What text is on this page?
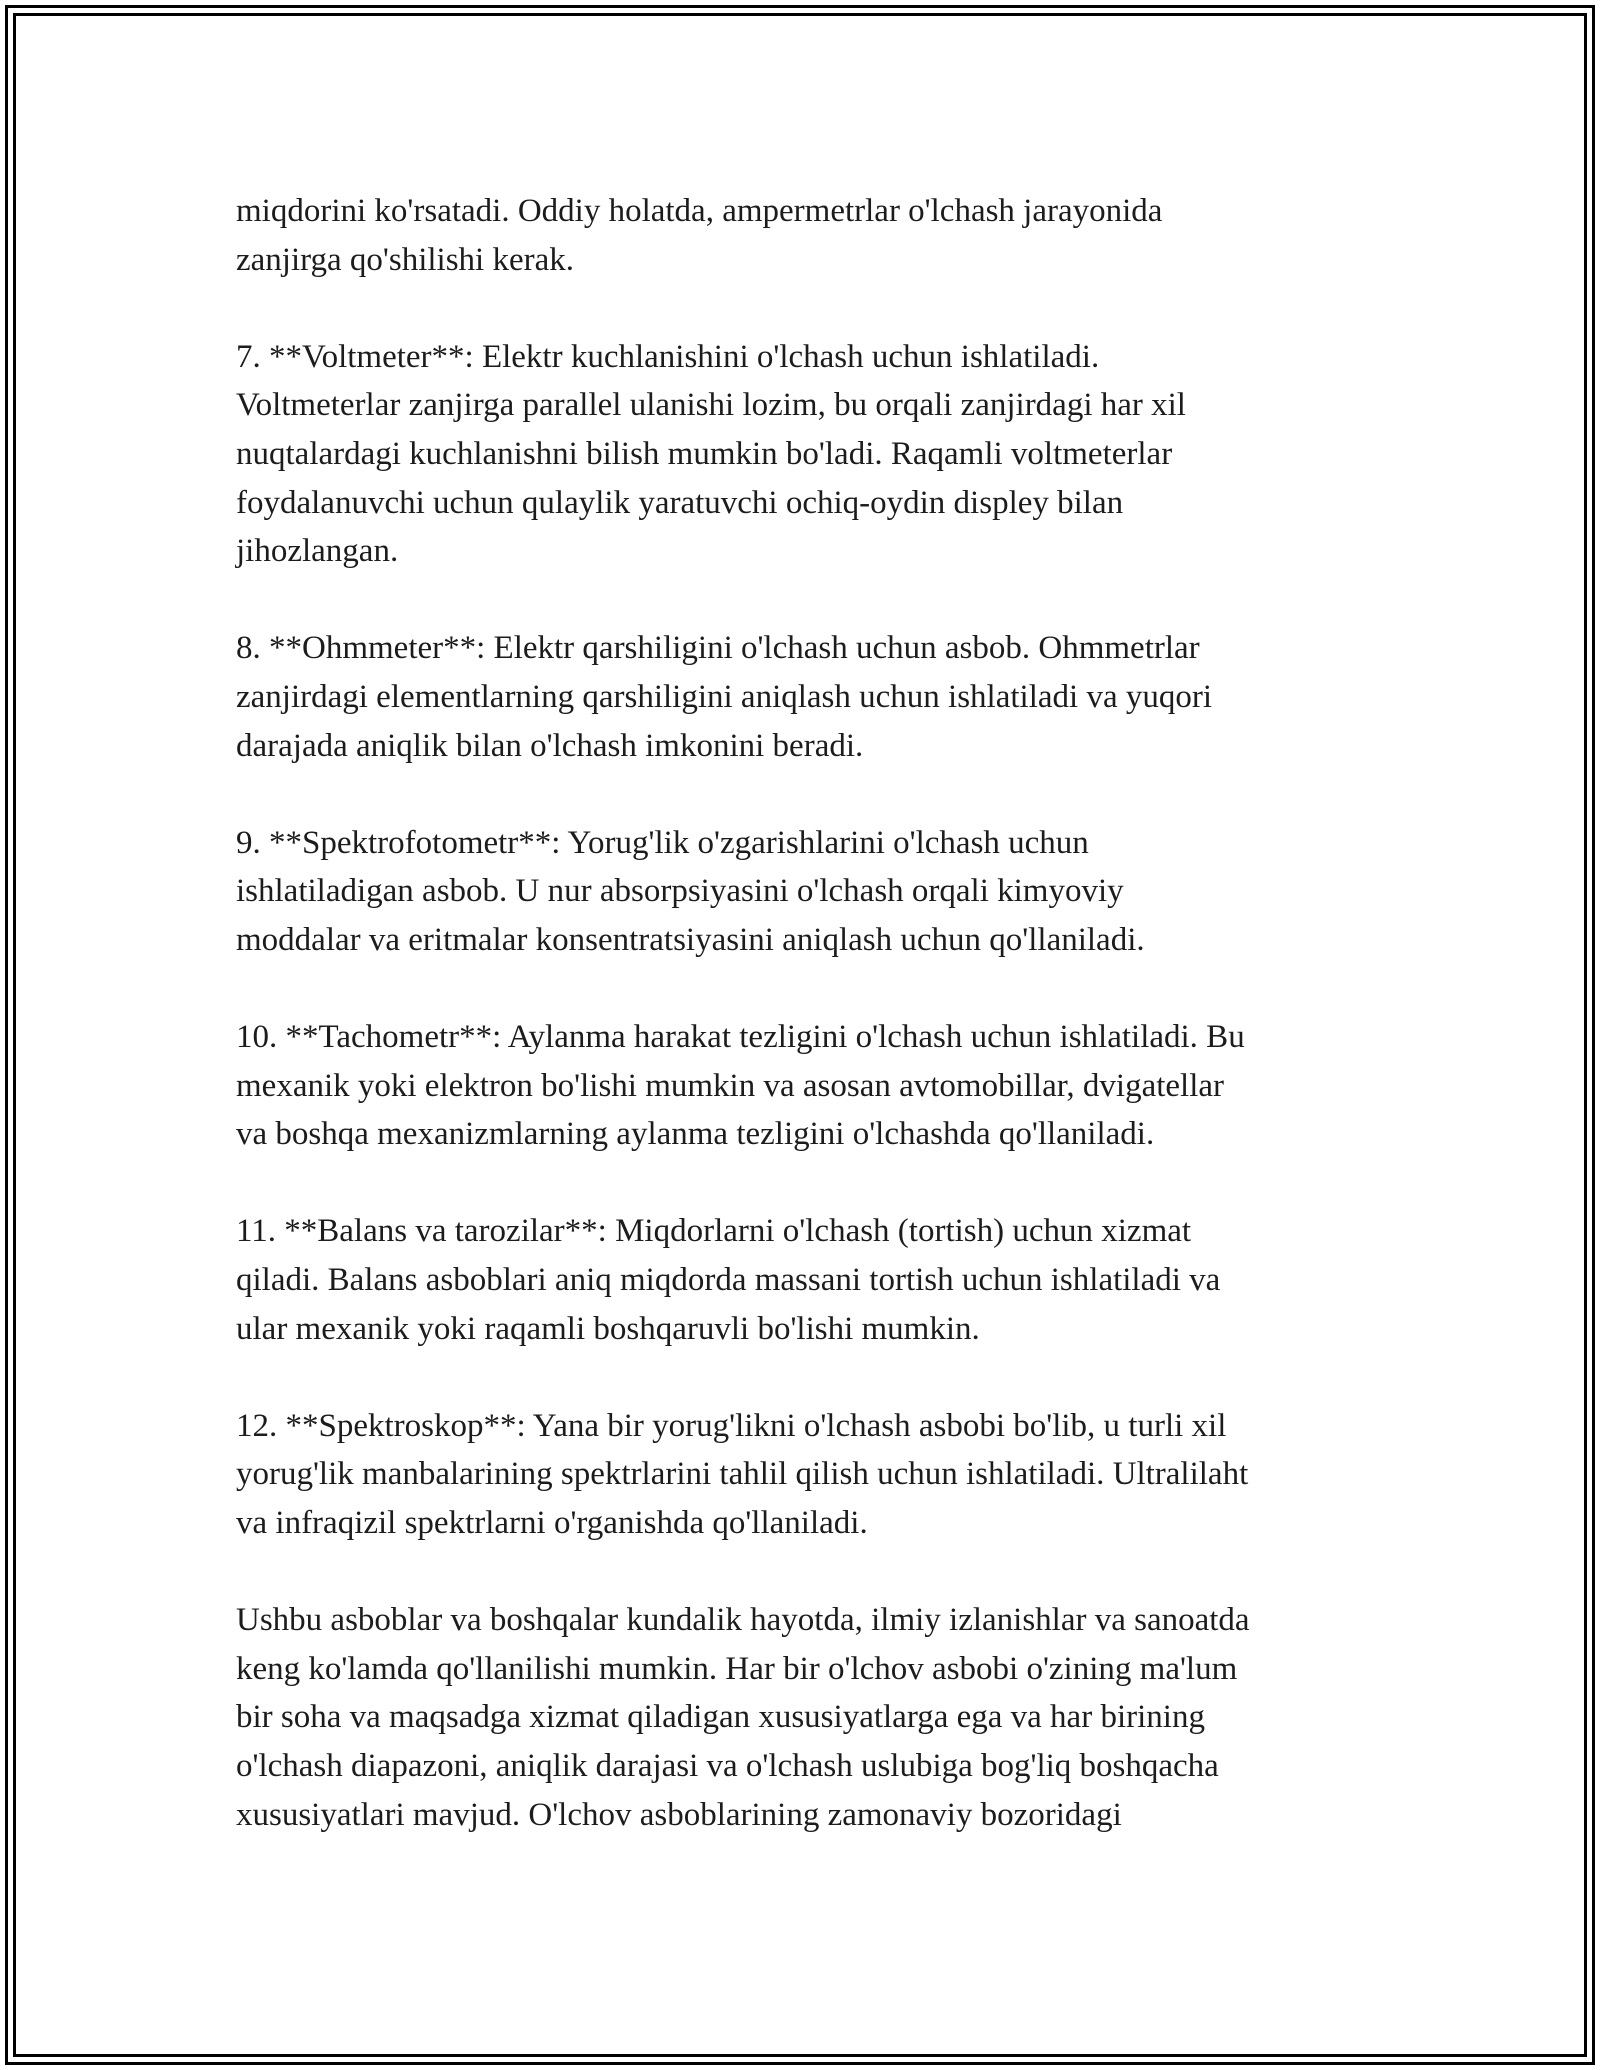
miqdorini ko'rsatadi. Oddiy holatda, ampermetrlar o'lchash jarayonida
zanjirga qo'shilishi kerak.

7. **Voltmeter**: Elektr kuchlanishini o'lchash uchun ishlatiladi.
Voltmeterlar zanjirga parallel ulanishi lozim, bu orqali zanjirdagi har xil
nuqtalardagi kuchlanishni bilish mumkin bo'ladi. Raqamli voltmeterlar
foydalanuvchi uchun qulaylik yaratuvchi ochiq-oydin displey bilan
jihozlangan.

8. **Ohmmeter**: Elektr qarshiligini o'lchash uchun asbob. Ohmmetrlar
zanjirdagi elementlarning qarshiligini aniqlash uchun ishlatiladi va yuqori
darajada aniqlik bilan o'lchash imkonini beradi.

9. **Spektrofotometr**: Yorug'lik o'zgarishlarini o'lchash uchun
ishlatiladigan asbob. U nur absorpsiyasini o'lchash orqali kimyoviy
moddalar va eritmalar konsentratsiyasini aniqlash uchun qo'llaniladi.

10. **Tachometr**: Aylanma harakat tezligini o'lchash uchun ishlatiladi. Bu
mexanik yoki elektron bo'lishi mumkin va asosan avtomobillar, dvigatellar
va boshqa mexanizmlarning aylanma tezligini o'lchashda qo'llaniladi.

11. **Balans va tarozilar**: Miqdorlarni o'lchash (tortish) uchun xizmat
qiladi. Balans asboblari aniq miqdorda massani tortish uchun ishlatiladi va
ular mexanik yoki raqamli boshqaruvli bo'lishi mumkin.

12. **Spektroskop**: Yana bir yorug'likni o'lchash asbobi bo'lib, u turli xil
yorug'lik manbalarining spektrlarini tahlil qilish uchun ishlatiladi. Ultralilaht
va infraqizil spektrlarni o'rganishda qo'llaniladi.

Ushbu asboblar va boshqalar kundalik hayotda, ilmiy izlanishlar va sanoatda
keng ko'lamda qo'llanilishi mumkin. Har bir o'lchov asbobi o'zining ma'lum
bir soha va maqsadga xizmat qiladigan xususiyatlarga ega va har birining
o'lchash diapazoni, aniqlik darajasi va o'lchash uslubiga bog'liq boshqacha
xususiyatlari mavjud. O'lchov asboblarining zamonaviy bozoridagi
